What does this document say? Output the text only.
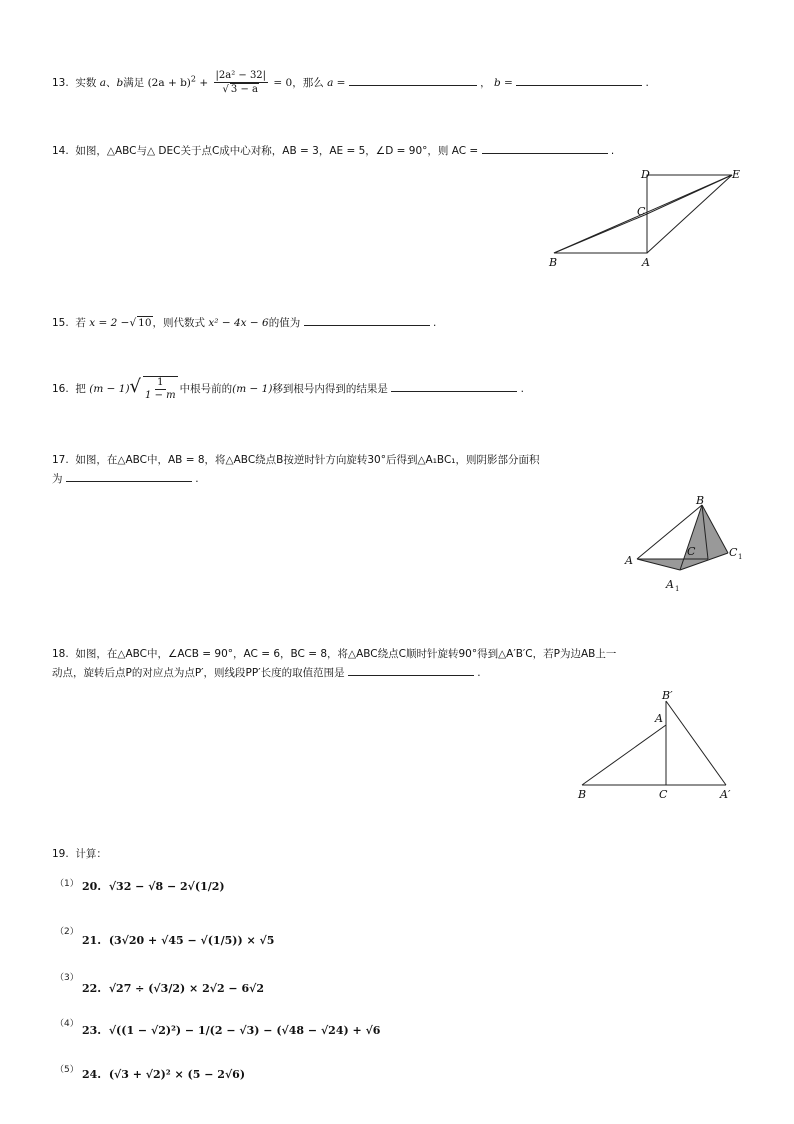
13. 实数 a、b满足 $(2a + b)^2 + \frac{\text{|2a² − 32|}}{√ 3 - a} = 0$，那么 a =	， b =	.
14. 如图，△ABC与△ DEC关于点C成中心对称，AB = 3，AE = 5，∠D = 90°，则 AC =	.
D	E
C
B	A
15. 若 x = 2 −√ 10，则代数式 x² − 4x − 6的值为	.
16. 把 $(m - 1)√ \frac{1}{1 - m}$ 中根号前的(m − 1)移到根号内得到的结果是	.
17. 如图，在△ABC中，AB = 8，将△ABC绕点B按逆时针方向旋转30°后得到△A₁BC₁，则阴影部分面积
为	.
B
A
C	C 1
A 1
18. 如图，在△ABC中，∠ACB = 90°，AC = 6，BC = 8，将△ABC绕点C顺时针旋转90°得到△A′B′C，若P为边AB上一
动点，旋转后点P的对应点为点P′，则线段PP′长度的取值范围是	.
B′
A
B	C	A′
19. 计算：
（1） 20. √32 − √8 − 2√(1/2)
（2）
21. (3√20 + √45 − √(1/5)) × √5
（3）
22. √27 ÷ (√3/2) × 2√2 − 6√2
（4） 23. √((1 − √2)²) − 1/(2 − √3) − (√48 − √24) + √6
（5） 24. (√3 + √2)² × (5 − 2√6)
